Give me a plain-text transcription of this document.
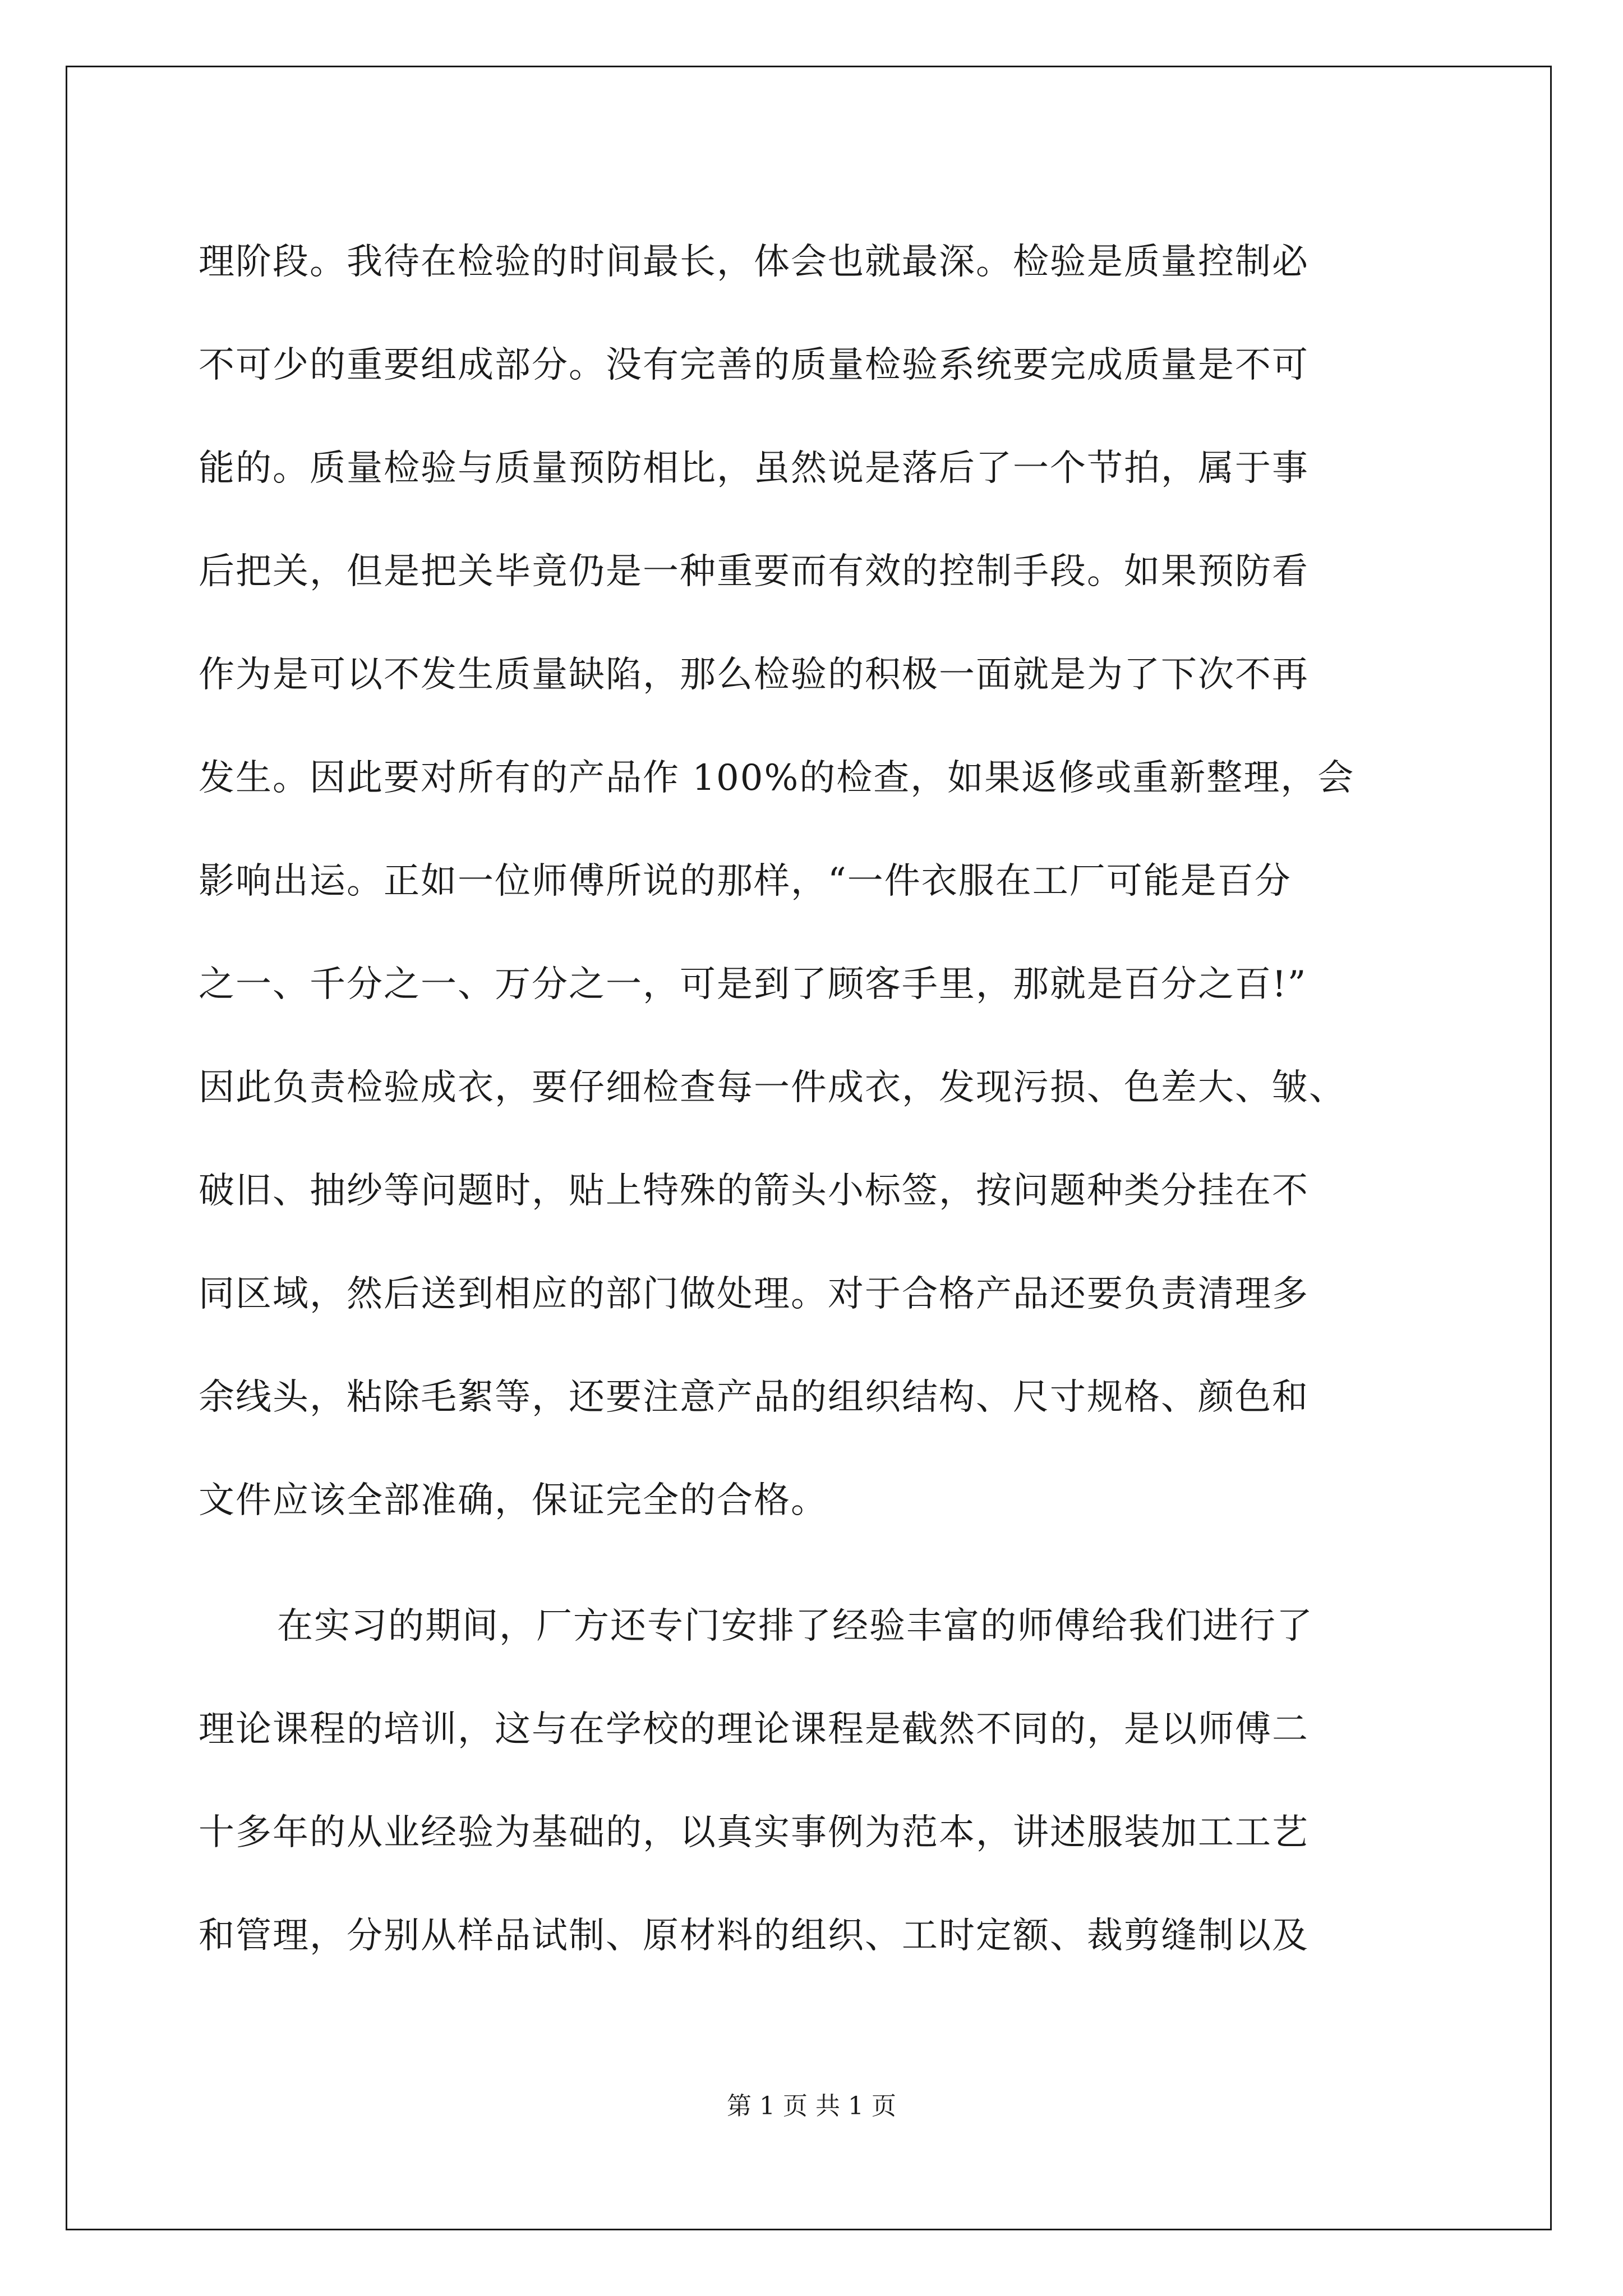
理阶段。我待在检验的时间最长，体会也就最深。检验是质量控制必
不可少的重要组成部分。没有完善的质量检验系统要完成质量是不可
能的。质量检验与质量预防相比，虽然说是落后了一个节拍，属于事
后把关，但是把关毕竟仍是一种重要而有效的控制手段。如果预防看
作为是可以不发生质量缺陷，那么检验的积极一面就是为了下次不再
发生。因此要对所有的产品作 100%的检查，如果返修或重新整理，会
影响出运。正如一位师傅所说的那样，“一件衣服在工厂可能是百分
之一、千分之一、万分之一，可是到了顾客手里，那就是百分之百!”
因此负责检验成衣，要仔细检查每一件成衣，发现污损、色差大、皱、
破旧、抽纱等问题时，贴上特殊的箭头小标签，按问题种类分挂在不
同区域，然后送到相应的部门做处理。对于合格产品还要负责清理多
余线头，粘除毛絮等，还要注意产品的组织结构、尺寸规格、颜色和
文件应该全部准确，保证完全的合格。
在实习的期间，厂方还专门安排了经验丰富的师傅给我们进行了
理论课程的培训，这与在学校的理论课程是截然不同的，是以师傅二
十多年的从业经验为基础的，以真实事例为范本，讲述服装加工工艺
和管理，分别从样品试制、原材料的组织、工时定额、裁剪缝制以及
第 1 页 共 1 页
